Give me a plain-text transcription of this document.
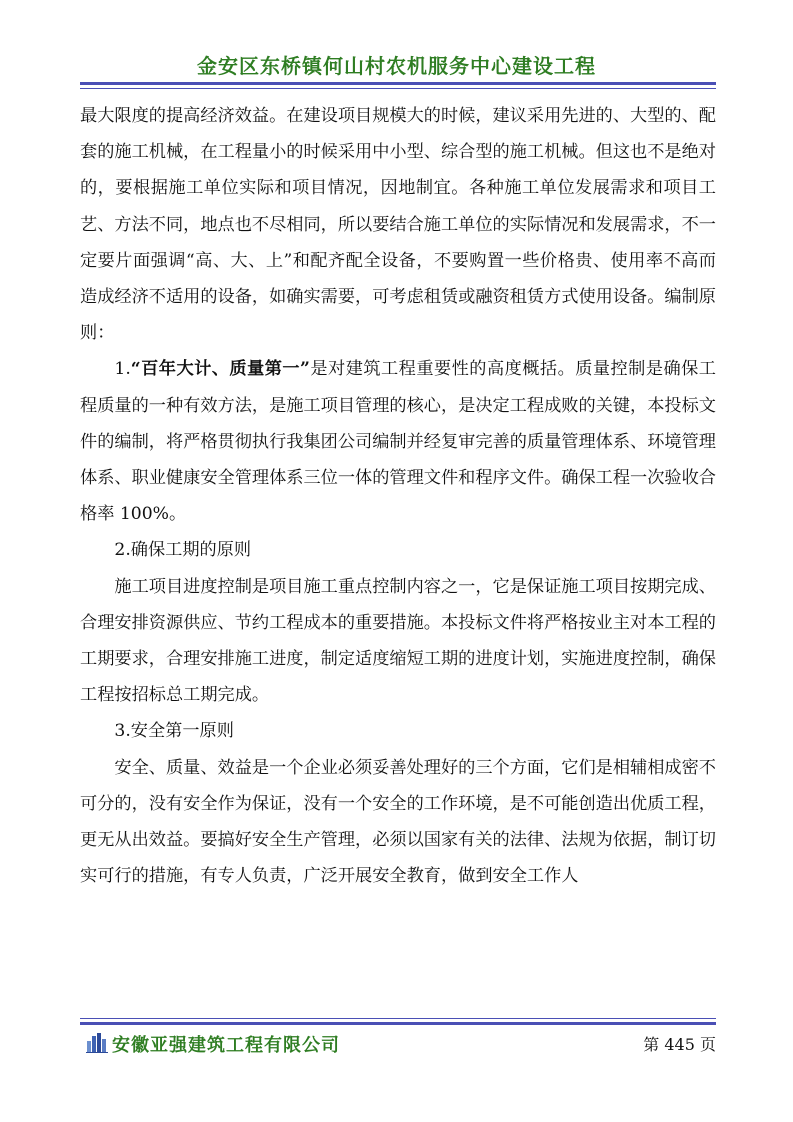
金安区东桥镇何山村农机服务中心建设工程

最大限度的提高经济效益。在建设项目规模大的时候，建议采用先进的、大型的、配套的施工机械，在工程量小的时候采用中小型、综合型的施工机械。但这也不是绝对的，要根据施工单位实际和项目情况，因地制宜。各种施工单位发展需求和项目工艺、方法不同，地点也不尽相同，所以要结合施工单位的实际情况和发展需求，不一定要片面强调“高、大、上”和配齐配全设备，不要购置一些价格贵、使用率不高而造成经济不适用的设备，如确实需要，可考虑租赁或融资租赁方式使用设备。编制原则：

1.“百年大计、质量第一”是对建筑工程重要性的高度概括。质量控制是确保工程质量的一种有效方法，是施工项目管理的核心，是决定工程成败的关键，本投标文件的编制，将严格贯彻执行我集团公司编制并经复审完善的质量管理体系、环境管理体系、职业健康安全管理体系三位一体的管理文件和程序文件。确保工程一次验收合格率 100%。

2.确保工期的原则

施工项目进度控制是项目施工重点控制内容之一，它是保证施工项目按期完成、合理安排资源供应、节约工程成本的重要措施。本投标文件将严格按业主对本工程的工期要求，合理安排施工进度，制定适度缩短工期的进度计划，实施进度控制，确保工程按招标总工期完成。

3.安全第一原则

安全、质量、效益是一个企业必须妥善处理好的三个方面，它们是相辅相成密不可分的，没有安全作为保证，没有一个安全的工作环境，是不可能创造出优质工程，更无从出效益。要搞好安全生产管理，必须以国家有关的法律、法规为依据，制订切实可行的措施，有专人负责，广泛开展安全教育，做到安全工作人

安徽亚强建筑工程有限公司	第 445 页
